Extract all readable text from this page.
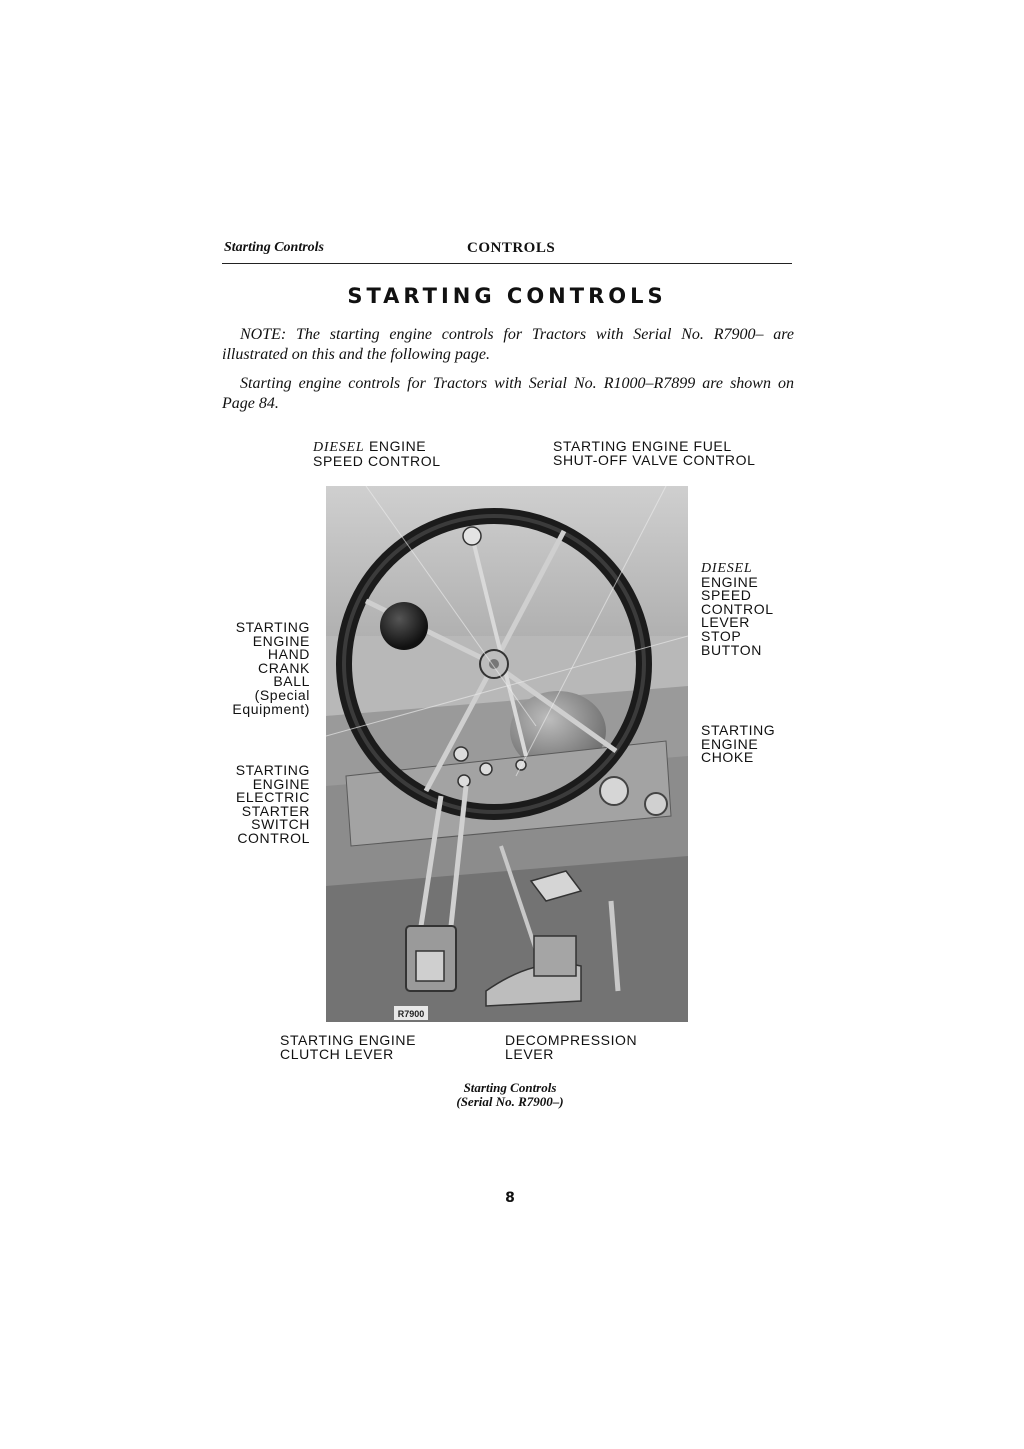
Starting Controls	CONTROLS
STARTING CONTROLS
NOTE: The starting engine controls for Tractors with Serial No. R7900– are illustrated on this and the following page.
Starting engine controls for Tractors with Serial No. R1000–R7899 are shown on Page 84.
DIESEL ENGINE
SPEED CONTROL
STARTING ENGINE FUEL
SHUT-OFF VALVE CONTROL
STARTING
ENGINE
HAND
CRANK
BALL
(Special
Equipment)
STARTING
ENGINE
ELECTRIC
STARTER
SWITCH
CONTROL
DIESEL
ENGINE
SPEED
CONTROL
LEVER
STOP
BUTTON
STARTING
ENGINE
CHOKE
STARTING ENGINE
CLUTCH LEVER
DECOMPRESSION
LEVER
R7900
Starting Controls
(Serial No. R7900–)
8
